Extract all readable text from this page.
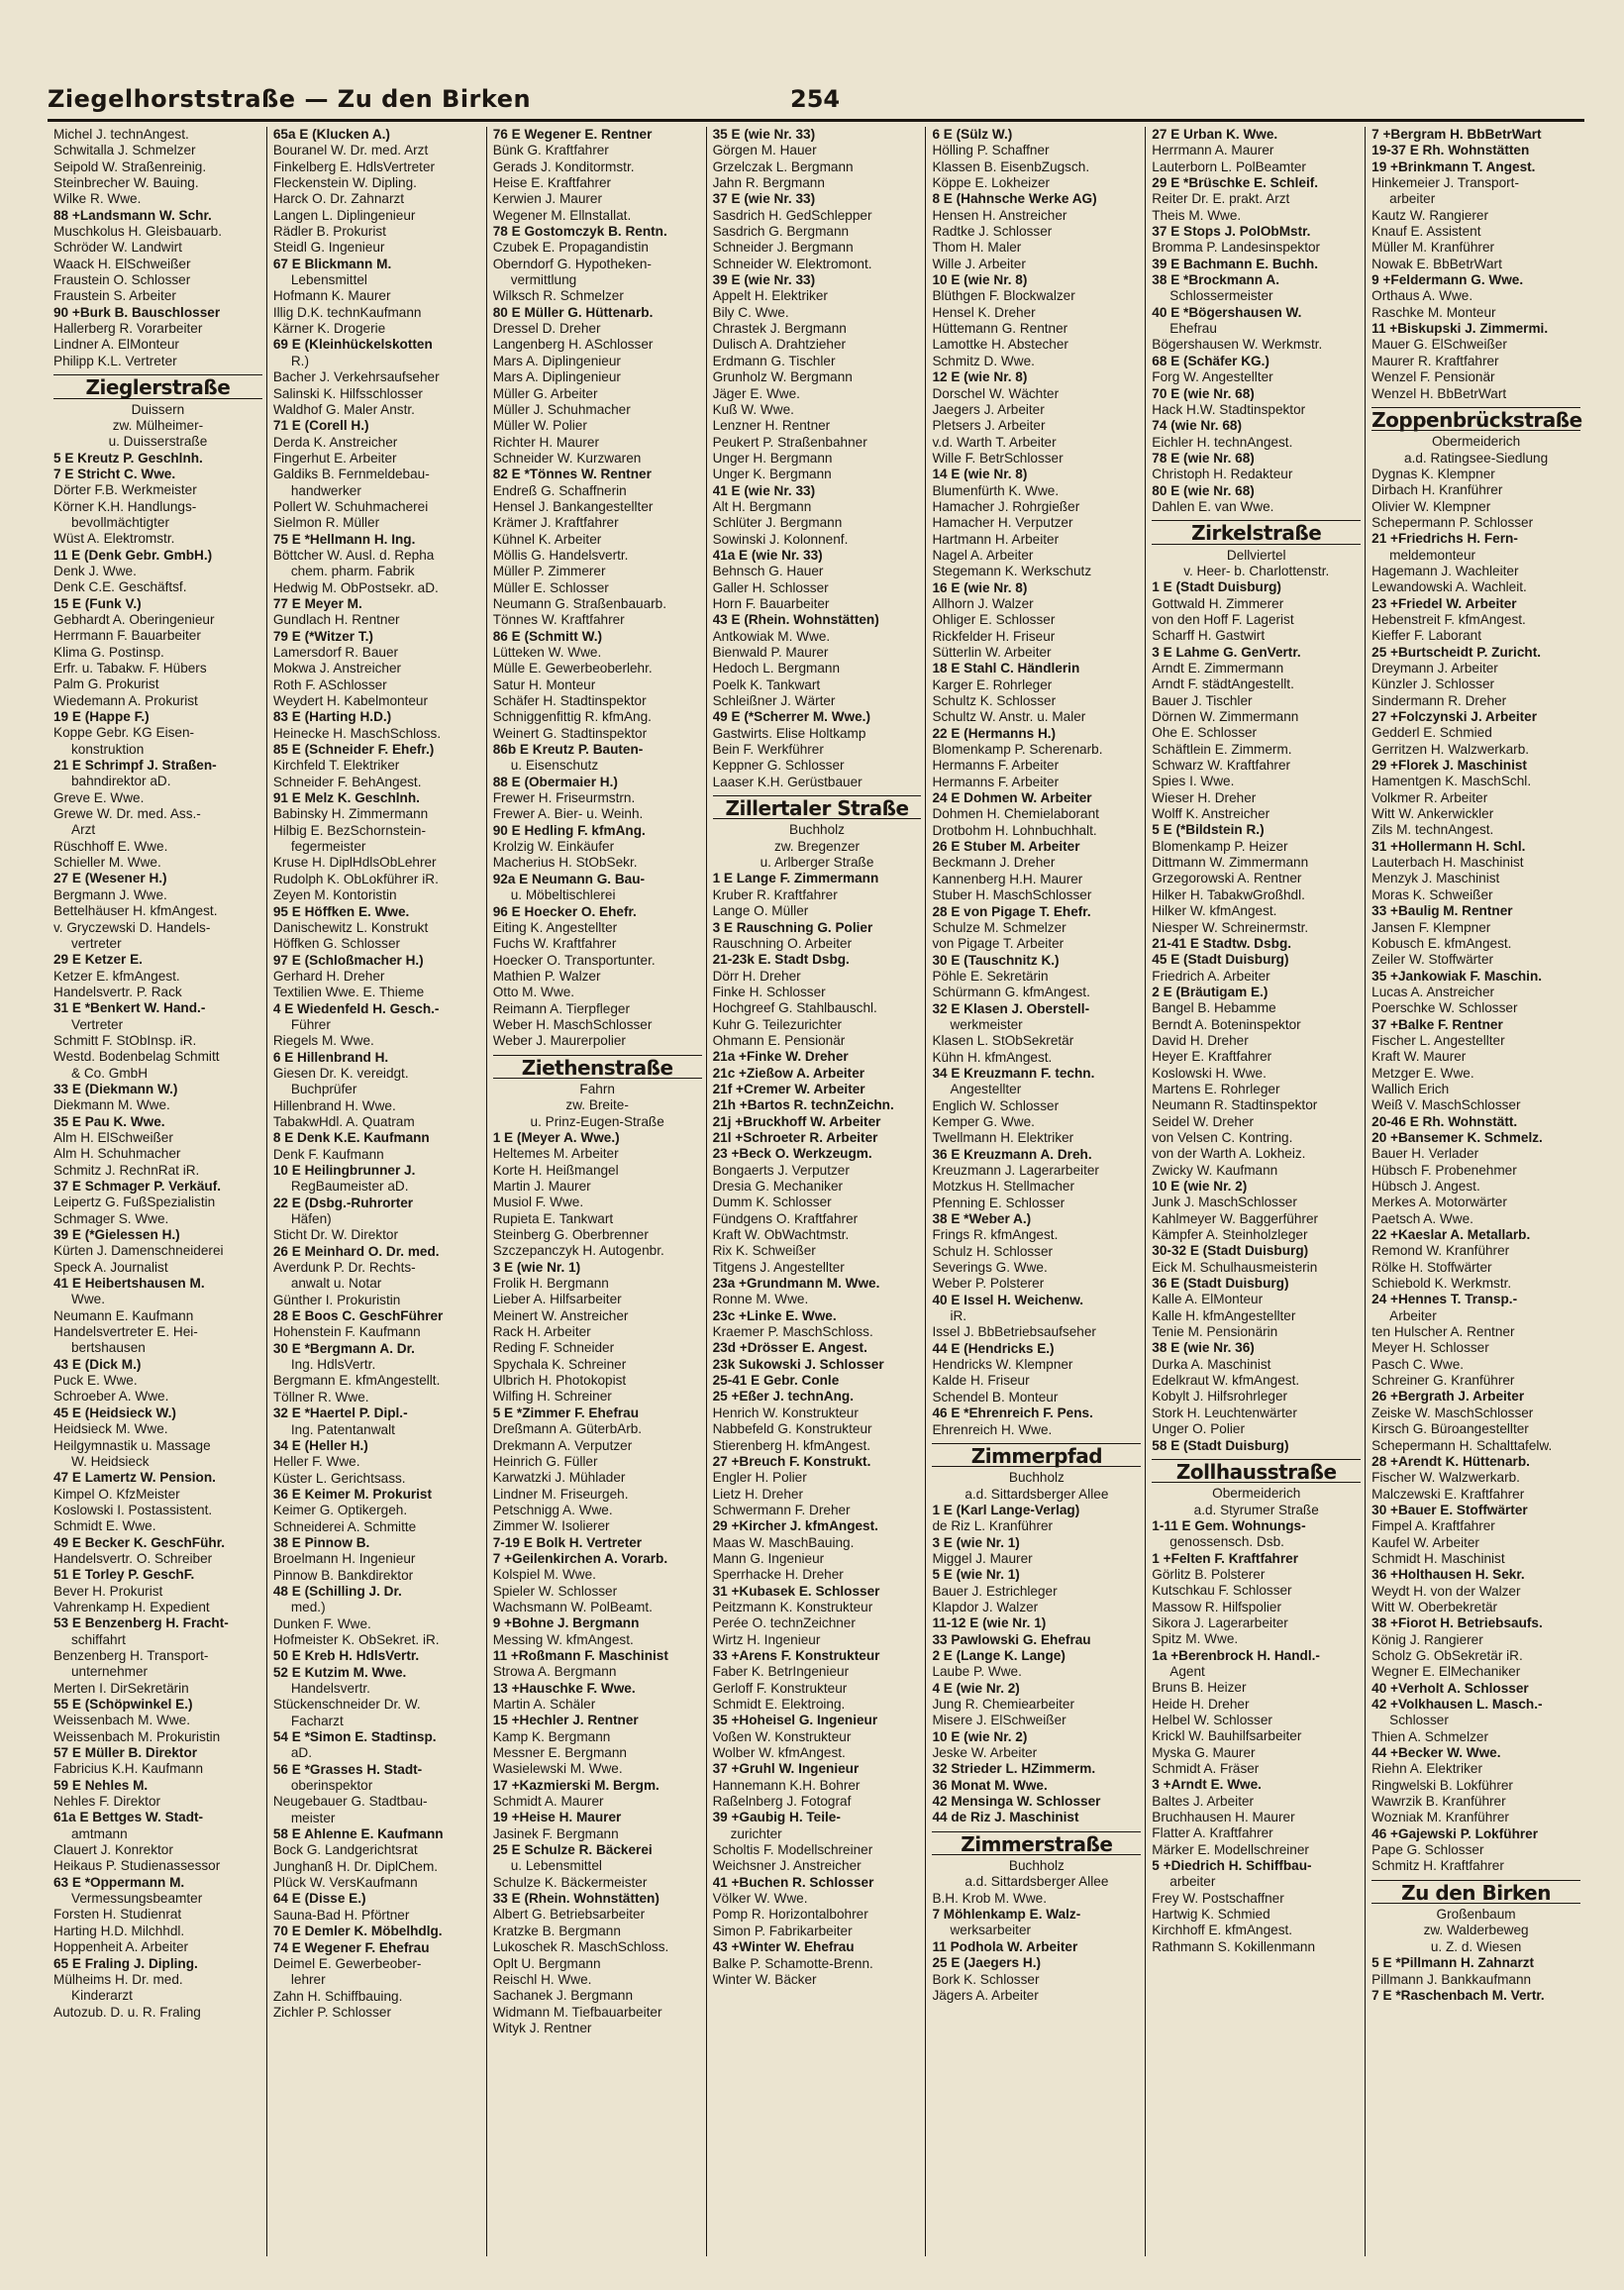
Ziegelhorststraße — Zu den Birken	254
Michel J. technAngest.
Schwitalla J. Schmelzer
Seipold W. Straßenreinig.
Steinbrecher W. Bauing.
Wilke R. Wwe.
88 +Landsmann W. Schr.
Muschkolus H. Gleisbauarb.
Schröder W. Landwirt
Waack H. ElSchweißer
Fraustein O. Schlosser
Fraustein S. Arbeiter
90 +Burk B. Bauschlosser
Hallerberg R. Vorarbeiter
Lindner A. ElMonteur
Philipp K.L. Vertreter
Zieglerstraße
Duissern
zw. Mülheimer-
u. Duisserstraße
5 E Kreutz P. Geschlnh.
7 E Stricht C. Wwe.
Dörter F.B. Werkmeister
Körner K.H. Handlungs-
bevollmächtigter
Wüst A. Elektromstr.
11 E (Denk Gebr. GmbH.)
Denk J. Wwe.
Denk C.E. Geschäftsf.
15 E (Funk V.)
Gebhardt A. Oberingenieur
Herrmann F. Bauarbeiter
Klima G. Postinsp.
Erfr. u. Tabakw. F. Hübers
Palm G. Prokurist
Wiedemann A. Prokurist
19 E (Happe F.)
Koppe Gebr. KG Eisen-
konstruktion
21 E Schrimpf J. Straßen-
bahndirektor aD.
Greve E. Wwe.
Grewe W. Dr. med. Ass.-
Arzt
Rüschhoff E. Wwe.
Schieller M. Wwe.
27 E (Wesener H.)
Bergmann J. Wwe.
Bettelhäuser H. kfmAngest.
v. Gryczewski D. Handels-
vertreter
29 E Ketzer E.
Ketzer E. kfmAngest.
Handelsvertr. P. Rack
31 E *Benkert W. Hand.-
Vertreter
Schmitt F. StObInsp. iR.
Westd. Bodenbelag Schmitt
& Co. GmbH
33 E (Diekmann W.)
Diekmann M. Wwe.
35 E Pau K. Wwe.
Alm H. ElSchweißer
Alm H. Schuhmacher
Schmitz J. RechnRat iR.
37 E Schmager P. Verkäuf.
Leipertz G. FußSpezialistin
Schmager S. Wwe.
39 E (*Gielessen H.)
Kürten J. Damenschneiderei
Speck A. Journalist
41 E Heibertshausen M.
Wwe.
Neumann E. Kaufmann
Handelsvertreter E. Hei-
bertshausen
43 E (Dick M.)
Puck E. Wwe.
Schroeber A. Wwe.
45 E (Heidsieck W.)
Heidsieck M. Wwe.
Heilgymnastik u. Massage
W. Heidsieck
47 E Lamertz W. Pension.
Kimpel O. KfzMeister
Koslowski I. Postassistent.
Schmidt E. Wwe.
49 E Becker K. GeschFühr.
Handelsvertr. O. Schreiber
51 E Torley P. GeschF.
Bever H. Prokurist
Vahrenkamp H. Expedient
53 E Benzenberg H. Fracht-
schiffahrt
Benzenberg H. Transport-
unternehmer
Merten I. DirSekretärin
55 E (Schöpwinkel E.)
Weissenbach M. Wwe.
Weissenbach M. Prokuristin
57 E Müller B. Direktor
Fabricius K.H. Kaufmann
59 E Nehles M.
Nehles F. Direktor
61a E Bettges W. Stadt-
amtmann
Clauert J. Konrektor
Heikaus P. Studienassessor
63 E *Oppermann M.
Vermessungsbeamter
Forsten H. Studienrat
Harting H.D. Milchhdl.
Hoppenheit A. Arbeiter
65 E Fraling J. Dipling.
Mülheims H. Dr. med.
Kinderarzt
Autozub. D. u. R. Fraling
65a E (Klucken A.)
Bouranel W. Dr. med. Arzt
Finkelberg E. HdlsVertreter
Fleckenstein W. Dipling.
Harck O. Dr. Zahnarzt
Langen L. Diplingenieur
Rädler B. Prokurist
Steidl G. Ingenieur
67 E Blickmann M.
Lebensmittel
Hofmann K. Maurer
Illig D.K. technKaufmann
Kärner K. Drogerie
69 E (Kleinhückelskotten
R.)
Bacher J. Verkehrsaufseher
Salinski K. Hilfsschlosser
Waldhof G. Maler Anstr.
71 E (Corell H.)
Derda K. Anstreicher
Fingerhut E. Arbeiter
Galdiks B. Fernmeldebau-
handwerker
Pollert W. Schuhmacherei
Sielmon R. Müller
75 E *Hellmann H. Ing.
Böttcher W. Ausl. d. Repha
chem. pharm. Fabrik
Hedwig M. ObPostsekr. aD.
77 E Meyer M.
Gundlach H. Rentner
79 E (*Witzer T.)
Lamersdorf R. Bauer
Mokwa J. Anstreicher
Roth F. ASchlosser
Weydert H. Kabelmonteur
83 E (Harting H.D.)
Heinecke H. MaschSchloss.
85 E (Schneider F. Ehefr.)
Kirchfeld T. Elektriker
Schneider F. BehAngest.
91 E Melz K. Geschlnh.
Babinsky H. Zimmermann
Hilbig E. BezSchornstein-
fegermeister
Kruse H. DiplHdlsObLehrer
Rudolph K. ObLokführer iR.
Zeyen M. Kontoristin
95 E Höffken E. Wwe.
Danischewitz L. Konstrukt
Höffken G. Schlosser
97 E (Schloßmacher H.)
Gerhard H. Dreher
Textilien Wwe. E. Thieme
4 E Wiedenfeld H. Gesch.-
Führer
Riegels M. Wwe.
6 E Hillenbrand H.
Giesen Dr. K. vereidgt.
Buchprüfer
Hillenbrand H. Wwe.
TabakwHdl. A. Quatram
8 E Denk K.E. Kaufmann
Denk F. Kaufmann
10 E Heilingbrunner J.
RegBaumeister aD.
22 E (Dsbg.-Ruhrorter
Häfen)
Sticht Dr. W. Direktor
26 E Meinhard O. Dr. med.
Averdunk P. Dr. Rechts-
anwalt u. Notar
Günther I. Prokuristin
28 E Boos C. GeschFührer
Hohenstein F. Kaufmann
30 E *Bergmann A. Dr.
Ing. HdlsVertr.
Bergmann E. kfmAngestellt.
Töllner R. Wwe.
32 E *Haertel P. Dipl.-
Ing. Patentanwalt
34 E (Heller H.)
Heller F. Wwe.
Küster L. Gerichtsass.
36 E Keimer M. Prokurist
Keimer G. Optikergeh.
Schneiderei A. Schmitte
38 E Pinnow B.
Broelmann H. Ingenieur
Pinnow B. Bankdirektor
48 E (Schilling J. Dr.
med.)
Dunken F. Wwe.
Hofmeister K. ObSekret. iR.
50 E Kreb H. HdlsVertr.
52 E Kutzim M. Wwe.
Handelsvertr.
Stückenschneider Dr. W.
Facharzt
54 E *Simon E. Stadtinsp.
aD.
56 E *Grasses H. Stadt-
oberinspektor
Neugebauer G. Stadtbau-
meister
58 E Ahlenne E. Kaufmann
Bock G. Landgerichtsrat
Junghanß H. Dr. DiplChem.
Plück W. VersKaufmann
64 E (Disse E.)
Sauna-Bad H. Pförtner
70 E Demler K. Möbelhdlg.
74 E Wegener F. Ehefrau
Deimel E. Gewerbeober-
lehrer
Zahn H. Schiffbauing.
Zichler P. Schlosser
76 E Wegener E. Rentner
Bünk G. Kraftfahrer
Gerads J. Konditormstr.
Heise E. Kraftfahrer
Kerwien J. Maurer
Wegener M. Ellnstallat.
78 E Gostomczyk B. Rentn.
Czubek E. Propagandistin
Oberndorf G. Hypotheken-
vermittlung
Wilksch R. Schmelzer
80 E Müller G. Hüttenarb.
Dressel D. Dreher
Langenberg H. ASchlosser
Mars A. Diplingenieur
Mars A. Diplingenieur
Müller G. Arbeiter
Müller J. Schuhmacher
Müller W. Polier
Richter H. Maurer
Schneider W. Kurzwaren
82 E *Tönnes W. Rentner
Endreß G. Schaffnerin
Hensel J. Bankangestellter
Krämer J. Kraftfahrer
Kühnel K. Arbeiter
Möllis G. Handelsvertr.
Müller P. Zimmerer
Müller E. Schlosser
Neumann G. Straßenbauarb.
Tönnes W. Kraftfahrer
86 E (Schmitt W.)
Lütteken W. Wwe.
Mülle E. Gewerbeoberlehr.
Satur H. Monteur
Schäfer H. Stadtinspektor
Schniggenfittig R. kfmAng.
Weinert G. Stadtinspektor
86b E Kreutz P. Bauten-
u. Eisenschutz
88 E (Obermaier H.)
Frewer H. Friseurmstrn.
Frewer A. Bier- u. Weinh.
90 E Hedling F. kfmAng.
Krolzig W. Einkäufer
Macherius H. StObSekr.
92a E Neumann G. Bau-
u. Möbeltischlerei
96 E Hoecker O. Ehefr.
Eiting K. Angestellter
Fuchs W. Kraftfahrer
Hoecker O. Transportunter.
Mathien P. Walzer
Otto M. Wwe.
Reimann A. Tierpfleger
Weber H. MaschSchlosser
Weber J. Maurerpolier
Ziethenstraße
Fahrn
zw. Breite-
u. Prinz-Eugen-Straße
1 E (Meyer A. Wwe.)
Heltemes M. Arbeiter
Korte H. Heißmangel
Martin J. Maurer
Musiol F. Wwe.
Rupieta E. Tankwart
Steinberg G. Oberbrenner
Szczepanczyk H. Autogenbr.
3 E (wie Nr. 1)
Frolik H. Bergmann
Lieber A. Hilfsarbeiter
Meinert W. Anstreicher
Rack H. Arbeiter
Reding F. Schneider
Spychala K. Schreiner
Ulbrich H. Photokopist
Wilfing H. Schreiner
5 E *Zimmer F. Ehefrau
Dreßmann A. GüterbArb.
Drekmann A. Verputzer
Heinrich G. Füller
Karwatzki J. Mühlader
Lindner M. Friseurgeh.
Petschnigg A. Wwe.
Zimmer W. Isolierer
7-19 E Bolk H. Vertreter
7 +Geilenkirchen A. Vorarb.
Kolspiel M. Wwe.
Spieler W. Schlosser
Wachsmann W. PolBeamt.
9 +Bohne J. Bergmann
Messing W. kfmAngest.
11 +Roßmann F. Maschinist
Strowa A. Bergmann
13 +Hauschke F. Wwe.
Martin A. Schäler
15 +Hechler J. Rentner
Kamp K. Bergmann
Messner E. Bergmann
Wasielewski M. Wwe.
17 +Kazmierski M. Bergm.
Schmidt A. Maurer
19 +Heise H. Maurer
Jasinek F. Bergmann
25 E Schulze R. Bäckerei
u. Lebensmittel
Schulze K. Bäckermeister
33 E (Rhein. Wohnstätten)
Albert G. Betriebsarbeiter
Kratzke B. Bergmann
Lukoschek R. MaschSchloss.
Oplt U. Bergmann
Reischl H. Wwe.
Sachanek J. Bergmann
Widmann M. Tiefbauarbeiter
Wityk J. Rentner
35 E (wie Nr. 33)
Görgen M. Hauer
Grzelczak L. Bergmann
Jahn R. Bergmann
37 E (wie Nr. 33)
Sasdrich H. GedSchlepper
Sasdrich G. Bergmann
Schneider J. Bergmann
Schneider W. Elektromont.
39 E (wie Nr. 33)
Appelt H. Elektriker
Bily C. Wwe.
Chrastek J. Bergmann
Dulisch A. Drahtzieher
Erdmann G. Tischler
Grunholz W. Bergmann
Jäger E. Wwe.
Kuß W. Wwe.
Lenzner H. Rentner
Peukert P. Straßenbahner
Unger H. Bergmann
Unger K. Bergmann
41 E (wie Nr. 33)
Alt H. Bergmann
Schlüter J. Bergmann
Sowinski J. Kolonnenf.
41a E (wie Nr. 33)
Behnsch G. Hauer
Galler H. Schlosser
Horn F. Bauarbeiter
43 E (Rhein. Wohnstätten)
Antkowiak M. Wwe.
Bienwald P. Maurer
Hedoch L. Bergmann
Poelk K. Tankwart
Schleißner J. Wärter
49 E (*Scherrer M. Wwe.)
Gastwirts. Elise Holtkamp
Bein F. Werkführer
Keppner G. Schlosser
Laaser K.H. Gerüstbauer
Zillertaler Straße
Buchholz
zw. Bregenzer
u. Arlberger Straße
1 E Lange F. Zimmermann
Kruber R. Kraftfahrer
Lange O. Müller
3 E Rauschning G. Polier
Rauschning O. Arbeiter
21-23k E. Stadt Dsbg.
Dörr H. Dreher
Finke H. Schlosser
Hochgreef G. Stahlbauschl.
Kuhr G. Teilezurichter
Ohmann E. Pensionär
21a +Finke W. Dreher
21c +Zießow A. Arbeiter
21f +Cremer W. Arbeiter
21h +Bartos R. technZeichn.
21j +Bruckhoff W. Arbeiter
21l +Schroeter R. Arbeiter
23 +Beck O. Werkzeugm.
Bongaerts J. Verputzer
Dresia G. Mechaniker
Dumm K. Schlosser
Fündgens O. Kraftfahrer
Kraft W. ObWachtmstr.
Rix K. Schweißer
Titgens J. Angestellter
23a +Grundmann M. Wwe.
Ronne M. Wwe.
23c +Linke E. Wwe.
Kraemer P. MaschSchloss.
23d +Drösser E. Angest.
23k Sukowski J. Schlosser
25-41 E Gebr. Conle
25 +Eßer J. technAng.
Henrich W. Konstrukteur
Nabbefeld G. Konstrukteur
Stierenberg H. kfmAngest.
27 +Breuch F. Konstrukt.
Engler H. Polier
Lietz H. Dreher
Schwermann F. Dreher
29 +Kircher J. kfmAngest.
Maas W. MaschBauing.
Mann G. Ingenieur
Sperrhacke H. Dreher
31 +Kubasek E. Schlosser
Peitzmann K. Konstrukteur
Perée O. technZeichner
Wirtz H. Ingenieur
33 +Arens F. Konstrukteur
Faber K. BetrIngenieur
Gerloff F. Konstrukteur
Schmidt E. Elektroing.
35 +Hoheisel G. Ingenieur
Voßen W. Konstrukteur
Wolber W. kfmAngest.
37 +Gruhl W. Ingenieur
Hannemann K.H. Bohrer
Raßelnberg J. Fotograf
39 +Gaubig H. Teile-
zurichter
Scholtis F. Modellschreiner
Weichsner J. Anstreicher
41 +Buchen R. Schlosser
Völker W. Wwe.
Pomp R. Horizontalbohrer
Simon P. Fabrikarbeiter
43 +Winter W. Ehefrau
Balke P. Schamotte-Brenn.
Winter W. Bäcker
6 E (Sülz W.)
Hölling P. Schaffner
Klassen B. EisenbZugsch.
Köppe E. Lokheizer
8 E (Hahnsche Werke AG)
Hensen H. Anstreicher
Radtke J. Schlosser
Thom H. Maler
Wille J. Arbeiter
10 E (wie Nr. 8)
Blüthgen F. Blockwalzer
Hensel K. Dreher
Hüttemann G. Rentner
Lamottke H. Abstecher
Schmitz D. Wwe.
12 E (wie Nr. 8)
Dorschel W. Wächter
Jaegers J. Arbeiter
Pletsers J. Arbeiter
v.d. Warth T. Arbeiter
Wille F. BetrSchlosser
14 E (wie Nr. 8)
Blumenfürth K. Wwe.
Hamacher J. Rohrgießer
Hamacher H. Verputzer
Hartmann H. Arbeiter
Nagel A. Arbeiter
Stegemann K. Werkschutz
16 E (wie Nr. 8)
Allhorn J. Walzer
Ohliger E. Schlosser
Rickfelder H. Friseur
Sütterlin W. Arbeiter
18 E Stahl C. Händlerin
Karger E. Rohrleger
Schultz K. Schlosser
Schultz W. Anstr. u. Maler
22 E (Hermanns H.)
Blomenkamp P. Scherenarb.
Hermanns F. Arbeiter
Hermanns F. Arbeiter
24 E Dohmen W. Arbeiter
Dohmen H. Chemielaborant
Drotbohm H. Lohnbuchhalt.
26 E Stuber M. Arbeiter
Beckmann J. Dreher
Kannenberg H.H. Maurer
Stuber H. MaschSchlosser
28 E von Pigage T. Ehefr.
Schulze M. Schmelzer
von Pigage T. Arbeiter
30 E (Tauschnitz K.)
Pöhle E. Sekretärin
Schürmann G. kfmAngest.
32 E Klasen J. Oberstell-
werkmeister
Klasen L. StObSekretär
Kühn H. kfmAngest.
34 E Kreuzmann F. techn.
Angestellter
Englich W. Schlosser
Kemper G. Wwe.
Twellmann H. Elektriker
36 E Kreuzmann A. Dreh.
Kreuzmann J. Lagerarbeiter
Motzkus H. Stellmacher
Pfenning E. Schlosser
38 E *Weber A.)
Frings R. kfmAngest.
Schulz H. Schlosser
Severings G. Wwe.
Weber P. Polsterer
40 E Issel H. Weichenw.
iR.
Issel J. BbBetriebsaufseher
44 E (Hendricks E.)
Hendricks W. Klempner
Kalde H. Friseur
Schendel B. Monteur
46 E *Ehrenreich F. Pens.
Ehrenreich H. Wwe.
Zimmerpfad
Buchholz
a.d. Sittardsberger Allee
1 E (Karl Lange-Verlag)
de Riz L. Kranführer
3 E (wie Nr. 1)
Miggel J. Maurer
5 E (wie Nr. 1)
Bauer J. Estrichleger
Klapdor J. Walzer
11-12 E (wie Nr. 1)
33 Pawlowski G. Ehefrau
2 E (Lange K. Lange)
Laube P. Wwe.
4 E (wie Nr. 2)
Jung R. Chemiearbeiter
Misere J. ElSchweißer
10 E (wie Nr. 2)
Jeske W. Arbeiter
32 Strieder L. HZimmerm.
36 Monat M. Wwe.
42 Mensinga W. Schlosser
44 de Riz J. Maschinist
Zimmerstraße
Buchholz
a.d. Sittardsberger Allee
B.H. Krob M. Wwe.
7 Möhlenkamp E. Walz-
werksarbeiter
11 Podhola W. Arbeiter
25 E (Jaegers H.)
Bork K. Schlosser
Jägers A. Arbeiter
27 E Urban K. Wwe.
Herrmann A. Maurer
Lauterborn L. PolBeamter
29 E *Brüschke E. Schleif.
Reiter Dr. E. prakt. Arzt
Theis M. Wwe.
37 E Stops J. PolObMstr.
Bromma P. Landesinspektor
39 E Bachmann E. Buchh.
38 E *Brockmann A.
Schlossermeister
40 E *Bögershausen W.
Ehefrau
Bögershausen W. Werkmstr.
68 E (Schäfer KG.)
Forg W. Angestellter
70 E (wie Nr. 68)
Hack H.W. Stadtinspektor
74 (wie Nr. 68)
Eichler H. technAngest.
78 E (wie Nr. 68)
Christoph H. Redakteur
80 E (wie Nr. 68)
Dahlen E. van Wwe.
Zirkelstraße
Dellviertel
v. Heer- b. Charlottenstr.
1 E (Stadt Duisburg)
Gottwald H. Zimmerer
von den Hoff F. Lagerist
Scharff H. Gastwirt
3 E Lahme G. GenVertr.
Arndt E. Zimmermann
Arndt F. städtAngestellt.
Bauer J. Tischler
Dörnen W. Zimmermann
Ohe E. Schlosser
Schäftlein E. Zimmerm.
Schwarz W. Kraftfahrer
Spies I. Wwe.
Wieser H. Dreher
Wolff K. Anstreicher
5 E (*Bildstein R.)
Blomenkamp P. Heizer
Dittmann W. Zimmermann
Grzegorowski A. Rentner
Hilker H. TabakwGroßhdl.
Hilker W. kfmAngest.
Niesper W. Schreinermstr.
21-41 E Stadtw. Dsbg.
45 E (Stadt Duisburg)
Friedrich A. Arbeiter
2 E (Bräutigam E.)
Bangel B. Hebamme
Berndt A. Boteninspektor
David H. Dreher
Heyer E. Kraftfahrer
Koslowski H. Wwe.
Martens E. Rohrleger
Neumann R. Stadtinspektor
Seidel W. Dreher
von Velsen C. Kontring.
von der Warth A. Lokheiz.
Zwicky W. Kaufmann
10 E (wie Nr. 2)
Junk J. MaschSchlosser
Kahlmeyer W. Baggerführer
Kämpfer A. Steinholzleger
30-32 E (Stadt Duisburg)
Eick M. Schulhausmeisterin
36 E (Stadt Duisburg)
Kalle A. ElMonteur
Kalle H. kfmAngestellter
Tenie M. Pensionärin
38 E (wie Nr. 36)
Durka A. Maschinist
Edelkraut W. kfmAngest.
Kobylt J. Hilfsrohrleger
Stork H. Leuchtenwärter
Unger O. Polier
58 E (Stadt Duisburg)
Zollhausstraße
Obermeiderich
a.d. Styrumer Straße
1-11 E Gem. Wohnungs-
genossensch. Dsb.
1 +Felten F. Kraftfahrer
Görlitz B. Polsterer
Kutschkau F. Schlosser
Massow R. Hilfspolier
Sikora J. Lagerarbeiter
Spitz M. Wwe.
1a +Berenbrock H. Handl.-
Agent
Bruns B. Heizer
Heide H. Dreher
Helbel W. Schlosser
Krickl W. Bauhilfsarbeiter
Myska G. Maurer
Schmidt A. Fräser
3 +Arndt E. Wwe.
Baltes J. Arbeiter
Bruchhausen H. Maurer
Flatter A. Kraftfahrer
Märker E. Modellschreiner
5 +Diedrich H. Schiffbau-
arbeiter
Frey W. Postschaffner
Hartwig K. Schmied
Kirchhoff E. kfmAngest.
Rathmann S. Kokillenmann
7 +Bergram H. BbBetrWart
19-37 E Rh. Wohnstätten
19 +Brinkmann T. Angest.
Hinkemeier J. Transport-
arbeiter
Kautz W. Rangierer
Knauf E. Assistent
Müller M. Kranführer
Nowak E. BbBetrWart
9 +Feldermann G. Wwe.
Orthaus A. Wwe.
Raschke M. Monteur
11 +Biskupski J. Zimmermi.
Mauer G. ElSchweißer
Maurer R. Kraftfahrer
Wenzel F. Pensionär
Wenzel H. BbBetrWart
Zoppenbrückstraße
Obermeiderich
a.d. Ratingsee-Siedlung
Dygnas K. Klempner
Dirbach H. Kranführer
Olivier W. Klempner
Schepermann P. Schlosser
21 +Friedrichs H. Fern-
meldemonteur
Hagemann J. Wachleiter
Lewandowski A. Wachleit.
23 +Friedel W. Arbeiter
Hebenstreit F. kfmAngest.
Kieffer F. Laborant
25 +Burtscheidt P. Zuricht.
Dreymann J. Arbeiter
Künzler J. Schlosser
Sindermann R. Dreher
27 +Folczynski J. Arbeiter
Gedderl E. Schmied
Gerritzen H. Walzwerkarb.
29 +Florek J. Maschinist
Hamentgen K. MaschSchl.
Volkmer R. Arbeiter
Witt W. Ankerwickler
Zils M. technAngest.
31 +Hollermann H. Schl.
Lauterbach H. Maschinist
Menzyk J. Maschinist
Moras K. Schweißer
33 +Baulig M. Rentner
Jansen F. Klempner
Kobusch E. kfmAngest.
Zeiler W. Stoffwärter
35 +Jankowiak F. Maschin.
Lucas A. Anstreicher
Poerschke W. Schlosser
37 +Balke F. Rentner
Fischer L. Angestellter
Kraft W. Maurer
Metzger E. Wwe.
Wallich Erich
Weiß V. MaschSchlosser
20-46 E Rh. Wohnstätt.
20 +Bansemer K. Schmelz.
Bauer H. Verlader
Hübsch F. Probenehmer
Hübsch J. Angest.
Merkes A. Motorwärter
Paetsch A. Wwe.
22 +Kaeslar A. Metallarb.
Remond W. Kranführer
Rölke H. Stoffwärter
Schiebold K. Werkmstr.
24 +Hennes T. Transp.-
Arbeiter
ten Hulscher A. Rentner
Meyer H. Schlosser
Pasch C. Wwe.
Schreiner G. Kranführer
26 +Bergrath J. Arbeiter
Zeiske W. MaschSchlosser
Kirsch G. Büroangestellter
Schepermann H. Schalttafelw.
28 +Arendt K. Hüttenarb.
Fischer W. Walzwerkarb.
Malczewski E. Kraftfahrer
30 +Bauer E. Stoffwärter
Fimpel A. Kraftfahrer
Kaufel W. Arbeiter
Schmidt H. Maschinist
36 +Holthausen H. Sekr.
Weydt H. von der Walzer
Witt W. Oberbekretär
38 +Fiorot H. Betriebsaufs.
König J. Rangierer
Scholz G. ObSekretär iR.
Wegner E. ElMechaniker
40 +Verholt A. Schlosser
42 +Volkhausen L. Masch.-
Schlosser
Thien A. Schmelzer
44 +Becker W. Wwe.
Riehn A. Elektriker
Ringwelski B. Lokführer
Wawrzik B. Kranführer
Wozniak M. Kranführer
46 +Gajewski P. Lokführer
Pape G. Schlosser
Schmitz H. Kraftfahrer
Zu den Birken
Großenbaum
zw. Walderbeweg
u. Z. d. Wiesen
5 E *Pillmann H. Zahnarzt
Pillmann J. Bankkaufmann
7 E *Raschenbach M. Vertr.
